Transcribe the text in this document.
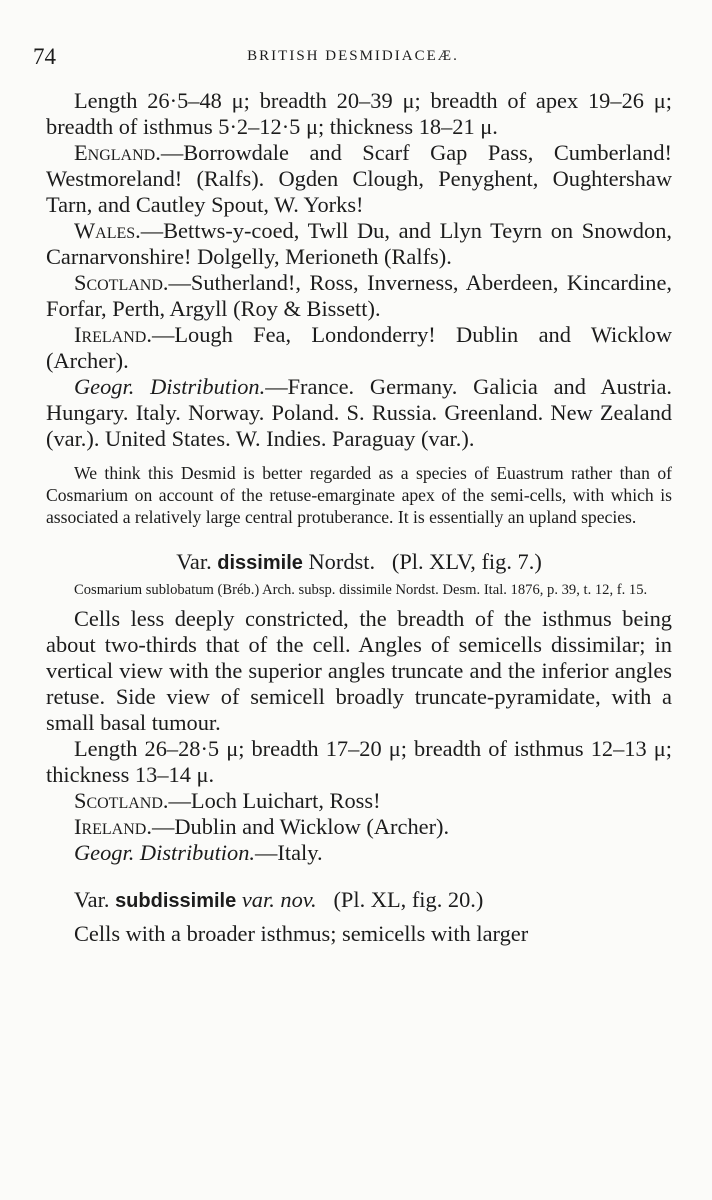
74	BRITISH DESMIDIACEÆ.

Length 26·5–48 μ; breadth 20–39 μ; breadth of apex 19–26 μ; breadth of isthmus 5·2–12·5 μ; thickness 18–21 μ.

England.—Borrowdale and Scarf Gap Pass, Cumberland! Westmoreland! (Ralfs). Ogden Clough, Penyghent, Oughtershaw Tarn, and Cautley Spout, W. Yorks!

Wales.—Bettws-y-coed, Twll Du, and Llyn Teyrn on Snowdon, Carnarvonshire! Dolgelly, Merioneth (Ralfs).

Scotland.—Sutherland!, Ross, Inverness, Aberdeen, Kincardine, Forfar, Perth, Argyll (Roy & Bissett).

Ireland.—Lough Fea, Londonderry! Dublin and Wicklow (Archer).

Geogr. Distribution.—France. Germany. Galicia and Austria. Hungary. Italy. Norway. Poland. S. Russia. Greenland. New Zealand (var.). United States. W. Indies. Paraguay (var.).

We think this Desmid is better regarded as a species of Euastrum rather than of Cosmarium on account of the retuse-emarginate apex of the semi-cells, with which is associated a relatively large central protuberance. It is essentially an upland species.

Var. dissimile Nordst. (Pl. XLV, fig. 7.)

Cosmarium sublobatum (Bréb.) Arch. subsp. dissimile Nordst. Desm. Ital. 1876, p. 39, t. 12, f. 15.

Cells less deeply constricted, the breadth of the isthmus being about two-thirds that of the cell. Angles of semicells dissimilar; in vertical view with the superior angles truncate and the inferior angles retuse. Side view of semicell broadly truncate-pyramidate, with a small basal tumour.

Length 26–28·5 μ; breadth 17–20 μ; breadth of isthmus 12–13 μ; thickness 13–14 μ.

Scotland.—Loch Luichart, Ross!

Ireland.—Dublin and Wicklow (Archer).

Geogr. Distribution.—Italy.

Var. subdissimile var. nov. (Pl. XL, fig. 20.)

Cells with a broader isthmus; semicells with larger
